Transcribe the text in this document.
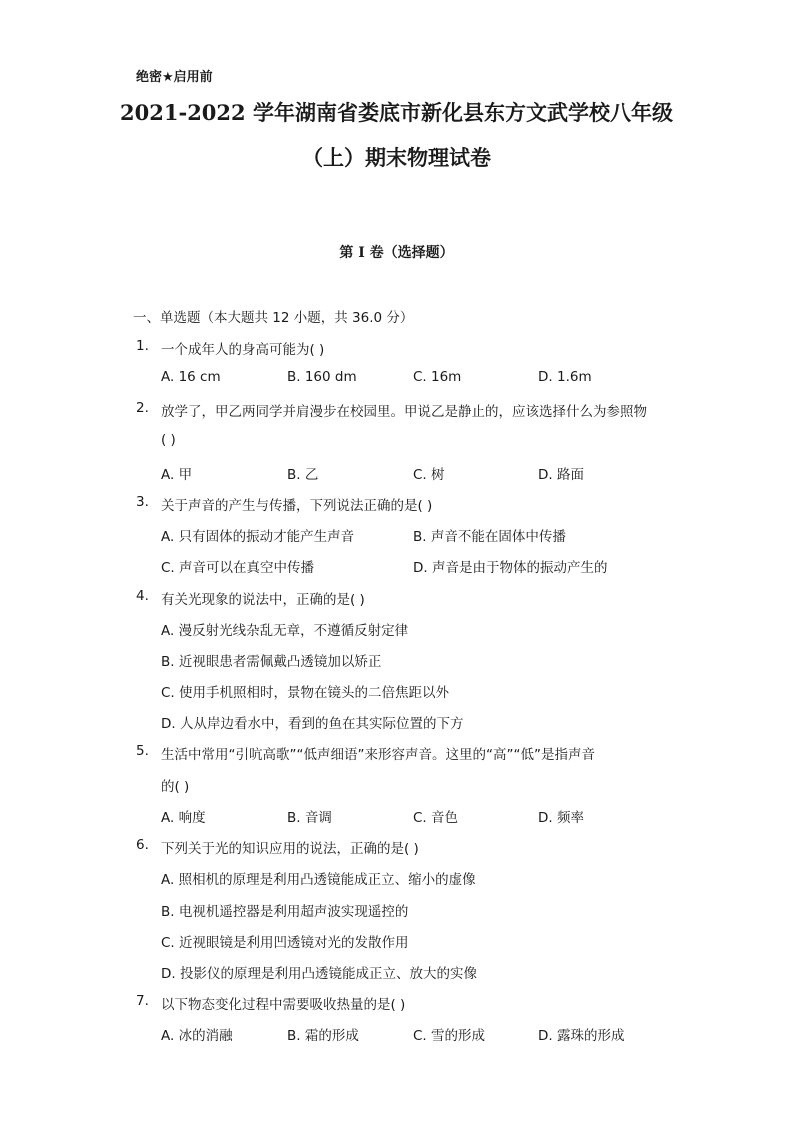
绝密★启用前
2021-2022 学年湖南省娄底市新化县东方文武学校八年级
（上）期末物理试卷
第 I 卷（选择题）
一、单选题（本大题共 12 小题，共 36.0 分）
1. 一个成年人的身高可能为( )
A. 16 cm	B. 160 dm	C. 16m	D. 1.6m
2. 放学了，甲乙两同学并肩漫步在校园里。甲说乙是静止的，应该选择什么为参照物
( )
A. 甲	B. 乙	C. 树	D. 路面
3. 关于声音的产生与传播，下列说法正确的是( )
A. 只有固体的振动才能产生声音	B. 声音不能在固体中传播
C. 声音可以在真空中传播	D. 声音是由于物体的振动产生的
4. 有关光现象的说法中，正确的是( )
A. 漫反射光线杂乱无章，不遵循反射定律
B. 近视眼患者需佩戴凸透镜加以矫正
C. 使用手机照相时，景物在镜头的二倍焦距以外
D. 人从岸边看水中，看到的鱼在其实际位置的下方
5. 生活中常用“引吭高歌”“低声细语”来形容声音。这里的“高”“低”是指声音
的( )
A. 响度	B. 音调	C. 音色	D. 频率
6. 下列关于光的知识应用的说法，正确的是( )
A. 照相机的原理是利用凸透镜能成正立、缩小的虚像
B. 电视机遥控器是利用超声波实现遥控的
C. 近视眼镜是利用凹透镜对光的发散作用
D. 投影仪的原理是利用凸透镜能成正立、放大的实像
7. 以下物态变化过程中需要吸收热量的是( )
A. 冰的消融	B. 霜的形成	C. 雪的形成	D. 露珠的形成
